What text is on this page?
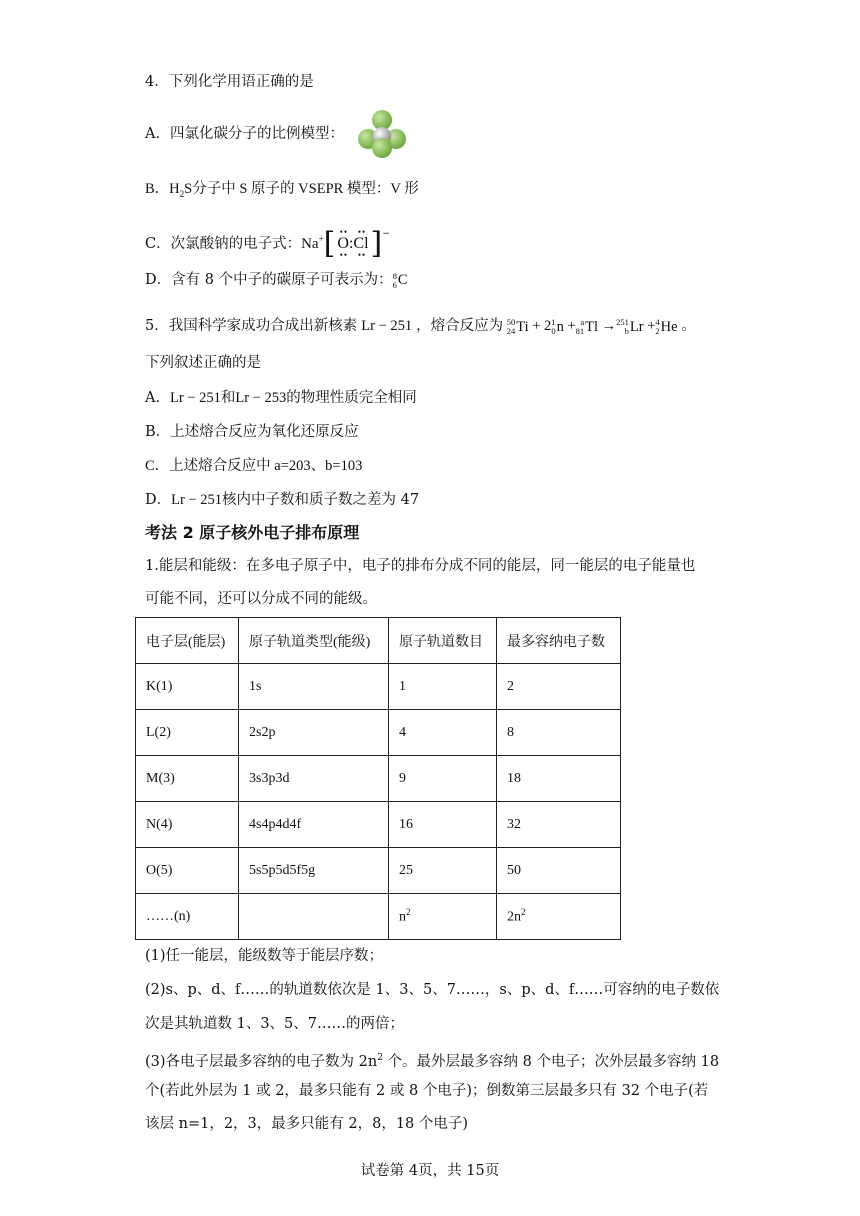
4．下列化学用语正确的是
A．四氯化碳分子的比例模型：
B．$H_2S$分子中 S 原子的 VSEPR 模型：V 形
C．次氯酸钠的电子式：Na+[ ••   ••
O:Cl
••   •• ]−
D．含有 8 个中子的碳原子可表示为： 8
6 C
5．我国科学家成功合成出新核素 Lr − 251 ，熔合反应为 50
24 Ti + 2 1
0 n + a
81 Tl → 251
b Lr + 4
2 He 。
下列叙述正确的是
A．Lr − 251和Lr − 253的物理性质完全相同
B．上述熔合反应为氧化还原反应
C．上述熔合反应中 a=203、b=103
D．Lr − 251核内中子数和质子数之差为 47
考法 2 原子核外电子排布原理
1.能层和能级：在多电子原子中，电子的排布分成不同的能层，同一能层的电子能量也
可能不同，还可以分成不同的能级。
电子层(能层)	原子轨道类型(能级)	原子轨道数目	最多容纳电子数
K(1)	1s	1	2
L(2)	2s2p	4	8
M(3)	3s3p3d	9	18
N(4)	4s4p4d4f	16	32
O(5)	5s5p5d5f5g	25	50
……(n)		$n^2$	$2n^2$
(1)任一能层，能级数等于能层序数；
(2)s、p、d、f……的轨道数依次是 1、3、5、7……，s、p、d、f……可容纳的电子数依
次是其轨道数 1、3、5、7……的两倍；
(3)各电子层最多容纳的电子数为 $2n^2$ 个。最外层最多容纳 8 个电子；次外层最多容纳 18
个(若此外层为 1 或 2，最多只能有 2 或 8 个电子)；倒数第三层最多只有 32 个电子(若
该层 n=1，2，3，最多只能有 2，8，18 个电子)
试卷第 4页，共 15页
